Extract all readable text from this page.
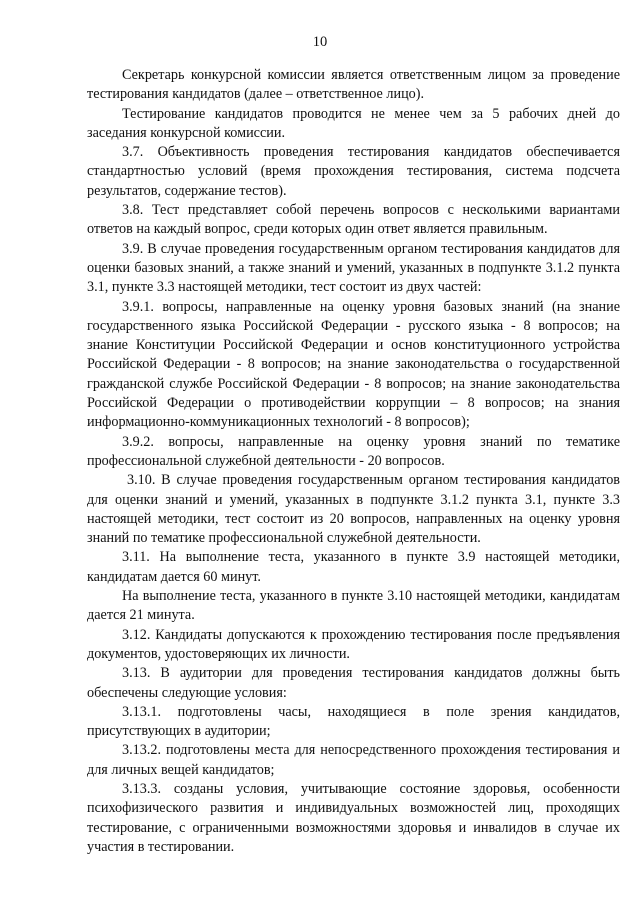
10

Секретарь конкурсной комиссии является ответственным лицом за проведение тестирования кандидатов (далее – ответственное лицо).

Тестирование кандидатов проводится не менее чем за 5 рабочих дней до заседания конкурсной комиссии.

3.7. Объективность проведения тестирования кандидатов обеспечивается стандартностью условий (время прохождения тестирования, система подсчета результатов, содержание тестов).

3.8. Тест представляет собой перечень вопросов с несколькими вариантами ответов на каждый вопрос, среди которых один ответ является правильным.

3.9. В случае проведения государственным органом тестирования кандидатов для оценки базовых знаний, а также знаний и умений, указанных в подпункте 3.1.2 пункта 3.1, пункте 3.3 настоящей методики, тест состоит из двух частей:

3.9.1. вопросы, направленные на оценку уровня базовых знаний (на знание государственного языка Российской Федерации - русского языка - 8 вопросов; на знание Конституции Российской Федерации и основ конституционного устройства Российской Федерации - 8 вопросов; на знание законодательства о государственной гражданской службе Российской Федерации - 8 вопросов; на знание законодательства Российской Федерации о противодействии коррупции – 8 вопросов; на знания информационно-коммуникационных технологий - 8 вопросов);

3.9.2. вопросы, направленные на оценку уровня знаний по тематике профессиональной служебной деятельности - 20 вопросов.

3.10. В случае проведения государственным органом тестирования кандидатов для оценки знаний и умений, указанных в подпункте 3.1.2 пункта 3.1, пункте 3.3 настоящей методики, тест состоит из 20 вопросов, направленных на оценку уровня знаний по тематике профессиональной служебной деятельности.

3.11. На выполнение теста, указанного в пункте 3.9 настоящей методики, кандидатам дается 60 минут.

На выполнение теста, указанного в пункте 3.10 настоящей методики, кандидатам дается 21 минута.

3.12. Кандидаты допускаются к прохождению тестирования после предъявления документов, удостоверяющих их личности.

3.13. В аудитории для проведения тестирования кандидатов должны быть обеспечены следующие условия:

3.13.1. подготовлены часы, находящиеся в поле зрения кандидатов, присутствующих в аудитории;

3.13.2. подготовлены места для непосредственного прохождения тестирования и для личных вещей кандидатов;

3.13.3. созданы условия, учитывающие состояние здоровья, особенности психофизического развития и индивидуальных возможностей лиц, проходящих тестирование, с ограниченными возможностями здоровья и инвалидов в случае их участия в тестировании.
